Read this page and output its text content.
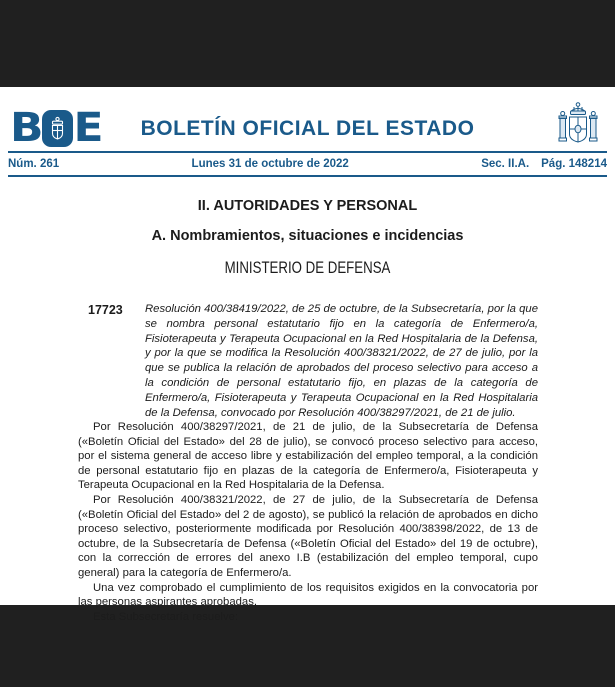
B E	BOLETÍN OFICIAL DEL ESTADO
Núm. 261	Lunes 31 de octubre de 2022	Sec. II.A. Pág. 148214
II. AUTORIDADES Y PERSONAL
A. Nombramientos, situaciones e incidencias
MINISTERIO DE DEFENSA
17723 Resolución 400/38419/2022, de 25 de octubre, de la Subsecretaría, por la que se nombra personal estatutario fijo en la categoría de Enfermero/a, Fisioterapeuta y Terapeuta Ocupacional en la Red Hospitalaria de la Defensa, y por la que se modifica la Resolución 400/38321/2022, de 27 de julio, por la que se publica la relación de aprobados del proceso selectivo para acceso a la condición de personal estatutario fijo, en plazas de la categoría de Enfermero/a, Fisioterapeuta y Terapeuta Ocupacional en la Red Hospitalaria de la Defensa, convocado por Resolución 400/38297/2021, de 21 de julio.

Por Resolución 400/38297/2021, de 21 de julio, de la Subsecretaría de Defensa («Boletín Oficial del Estado» del 28 de julio), se convocó proceso selectivo para acceso, por el sistema general de acceso libre y estabilización del empleo temporal, a la condición de personal estatutario fijo en plazas de la categoría de Enfermero/a, Fisioterapeuta y Terapeuta Ocupacional en la Red Hospitalaria de la Defensa.

Por Resolución 400/38321/2022, de 27 de julio, de la Subsecretaría de Defensa («Boletín Oficial del Estado» del 2 de agosto), se publicó la relación de aprobados en dicho proceso selectivo, posteriormente modificada por Resolución 400/38398/2022, de 13 de octubre, de la Subsecretaría de Defensa («Boletín Oficial del Estado» del 19 de octubre), con la corrección de errores del anexo I.B (estabilización del empleo temporal, cupo general) para la categoría de Enfermero/a.

Una vez comprobado el cumplimiento de los requisitos exigidos en la convocatoria por las personas aspirantes aprobadas,

Esta Subsecretaría resuelve:
